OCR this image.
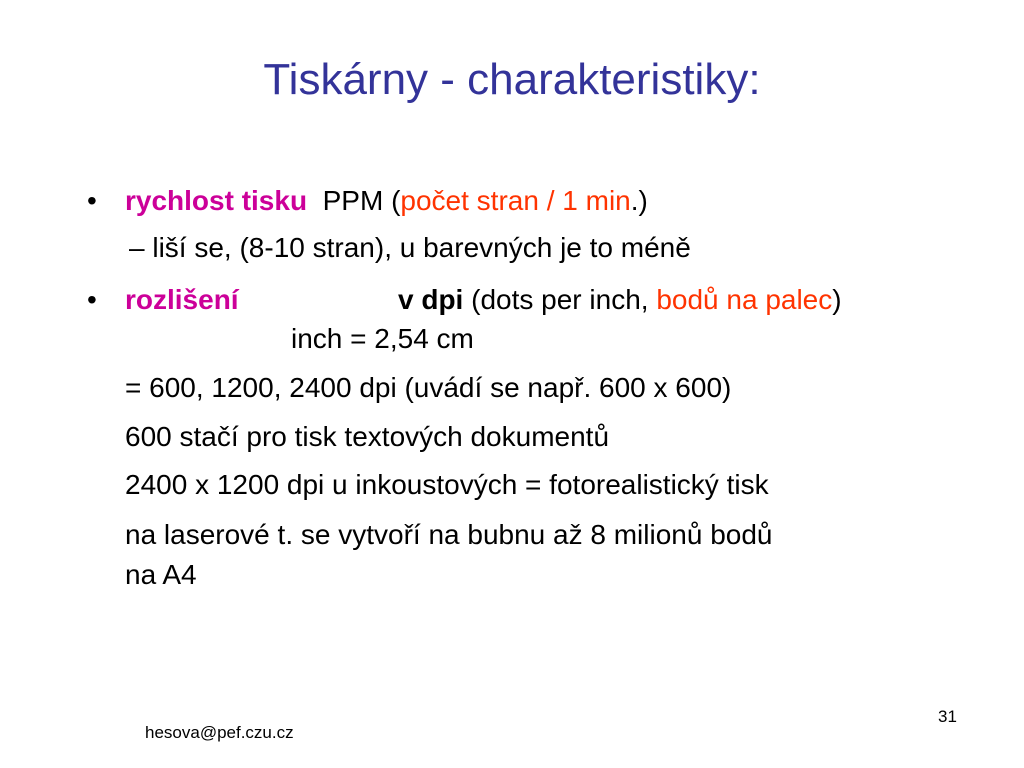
Tiskárny - charakteristiky:
• rychlost tisku PPM (počet stran / 1 min.)
– liší se, (8-10 stran), u barevných je to méně
• rozlišení	v dpi (dots per inch, bodů na palec)
inch = 2,54 cm
= 600, 1200, 2400 dpi (uvádí se např. 600 x 600)
600 stačí pro tisk textových dokumentů
2400 x 1200 dpi u inkoustových = fotorealistický tisk
na laserové t. se vytvoří na bubnu až 8 milionů bodů
na A4
31
hesova@pef.czu.cz
